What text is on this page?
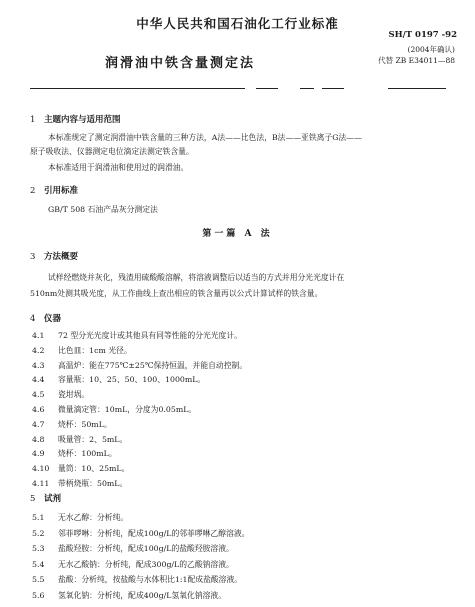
中华人民共和国石油化工行业标准
SH/T 0197 -92
(2004年确认)
代替 ZB E34011—88
润滑油中铁含量测定法
1 主题内容与适用范围
本标准规定了测定润滑油中铁含量的三种方法，A法——比色法，B法——亚铁离子G法——
原子吸收法、仪器测定电位滴定法测定铁含量。
本标准适用于润滑油和使用过的润滑油。
2 引用标准
GB/T 508 石油产品灰分测定法
第一篇 A 法
3 方法概要
试样经燃烧并灰化，残渣用硫酸酸溶解，将溶液调整后以适当的方式并用分光光度计在
510nm处测其吸光度，从工作曲线上查出相应的铁含量再以公式计算试样的铁含量。
4 仪器
4.1 72 型分光光度计或其他具有同等性能的分光光度计。
4.2 比色皿：1cm 光径。
4.3 高温炉：能在775℃±25℃保持恒温，并能自动控制。
4.4 容量瓶：10、25、50、100、1000mL。
4.5 瓷坩埚。
4.6 微量滴定管：10mL，分度为0.05mL。
4.7 烧杯：50mL。
4.8 吸量管：2、5mL。
4.9 烧杯：100mL。
4.10 量筒：10、25mL。
4.11 带柄烧瓶：50mL。
5 试剂
5.1 无水乙醇：分析纯。
5.2 邻菲啰啉：分析纯，配成100g/L的邻菲啰啉乙醇溶液。
5.3 盐酸羟胺：分析纯，配成100g/L的盐酸羟胺溶液。
5.4 无水乙酸钠：分析纯，配成300g/L的乙酸钠溶液。
5.5 盐酸：分析纯，按盐酸与水体积比1:1配成盐酸溶液。
5.6 氢氧化钠：分析纯，配成400g/L氢氧化钠溶液。
